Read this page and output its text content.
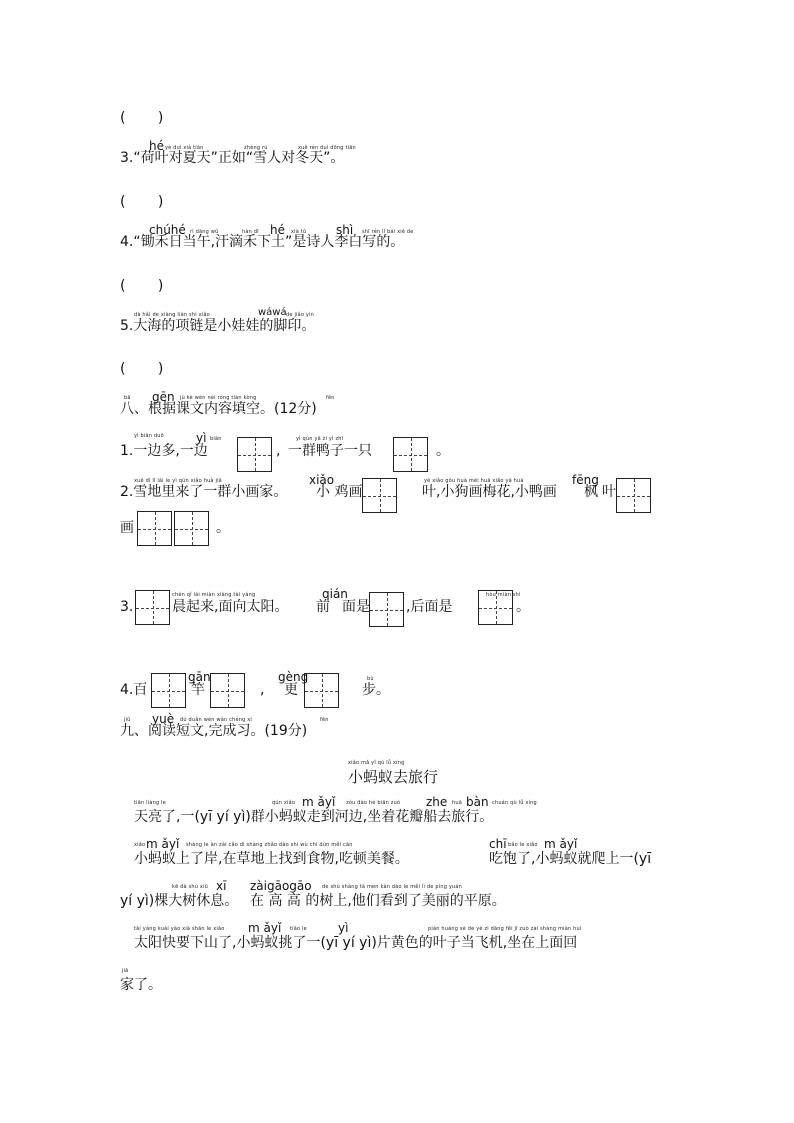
( )
hé yè duì xià tiān	zhèng rú	xuě rén duì dōng tiān
3.“荷叶对夏天”正如“雪人对冬天”。
( )
chúhé rì dāng wǔ	hàn dī hé xià tǔ shì shī rén lǐ bái xiě de
4.“锄禾日当午,汗滴禾下土”是诗人李白写的。
( )
dà hǎi de xiàng liàn shì xiǎo	wáwá de jiǎo yìn
5.大海的项链是小娃娃的脚印。
( )
bā gēn jù kè wén nèi róng tián kòng	fēn
八、根据课文内容填空。(12分)
yì biān duō	yì biān	yì qún yā zi yì zhī
1.一边多,一边	, 一群鸭子一只	。
xuě dì lǐ lái le yì qún xiǎo huà jiā	xiǎo	yè xiǎo gǒu huà méi huā xiǎo yā huà	fēng
2.雪地里来了一群小画家。 小 鸡画	叶,小狗画梅花,小鸭画 枫 叶
画	。
chén qǐ lái miàn xiàng tài yáng	qián	hòu miàn shì
3.	晨起来,面向太阳。 前 面是	,后面是	。
gān	gèng	bù
4.百	竿	, 更	步。
jiǔ yuè dú duǎn wén wán chéng xí	fēn
九、阅读短文,完成习。(19分)
xiǎo mǎ yǐ qù lǚ xíng
小蚂蚁去旅行
tiān liàng le	qún xiǎo m ǎyǐ zǒu dào hé biān zuò zhe huā bàn chuán qù lǚ xíng
天亮了,一(yī yí yì)群小蚂蚁走到河边,坐着花瓣船去旅行。
xiǎo m ǎyǐ shàng le àn zài cǎo dì shàng zhǎo dào shí wù chī dùn měi cān	chī bǎo le xiǎo m ǎyǐ
小蚂蚁上了岸,在草地上找到食物,吃顿美餐。	吃饱了,小蚂蚁就爬上一(yī
kē dà shù xiū xī zàigāogāo de shù shàng tā men kàn dào le měi lì de píng yuán
yí yì)棵大树休息。 在 高 高 的树上,他们看到了美丽的平原。
tài yáng kuài yào xià shān le xiǎo m ǎyǐ tiāo le	yì	piàn huáng sè de yè zi dāng fēi jī zuò zài shàng miàn huí
太阳快要下山了,小蚂蚁挑了一(yī yí yì)片黄色的叶子当飞机,坐在上面回
jiā
家了。
